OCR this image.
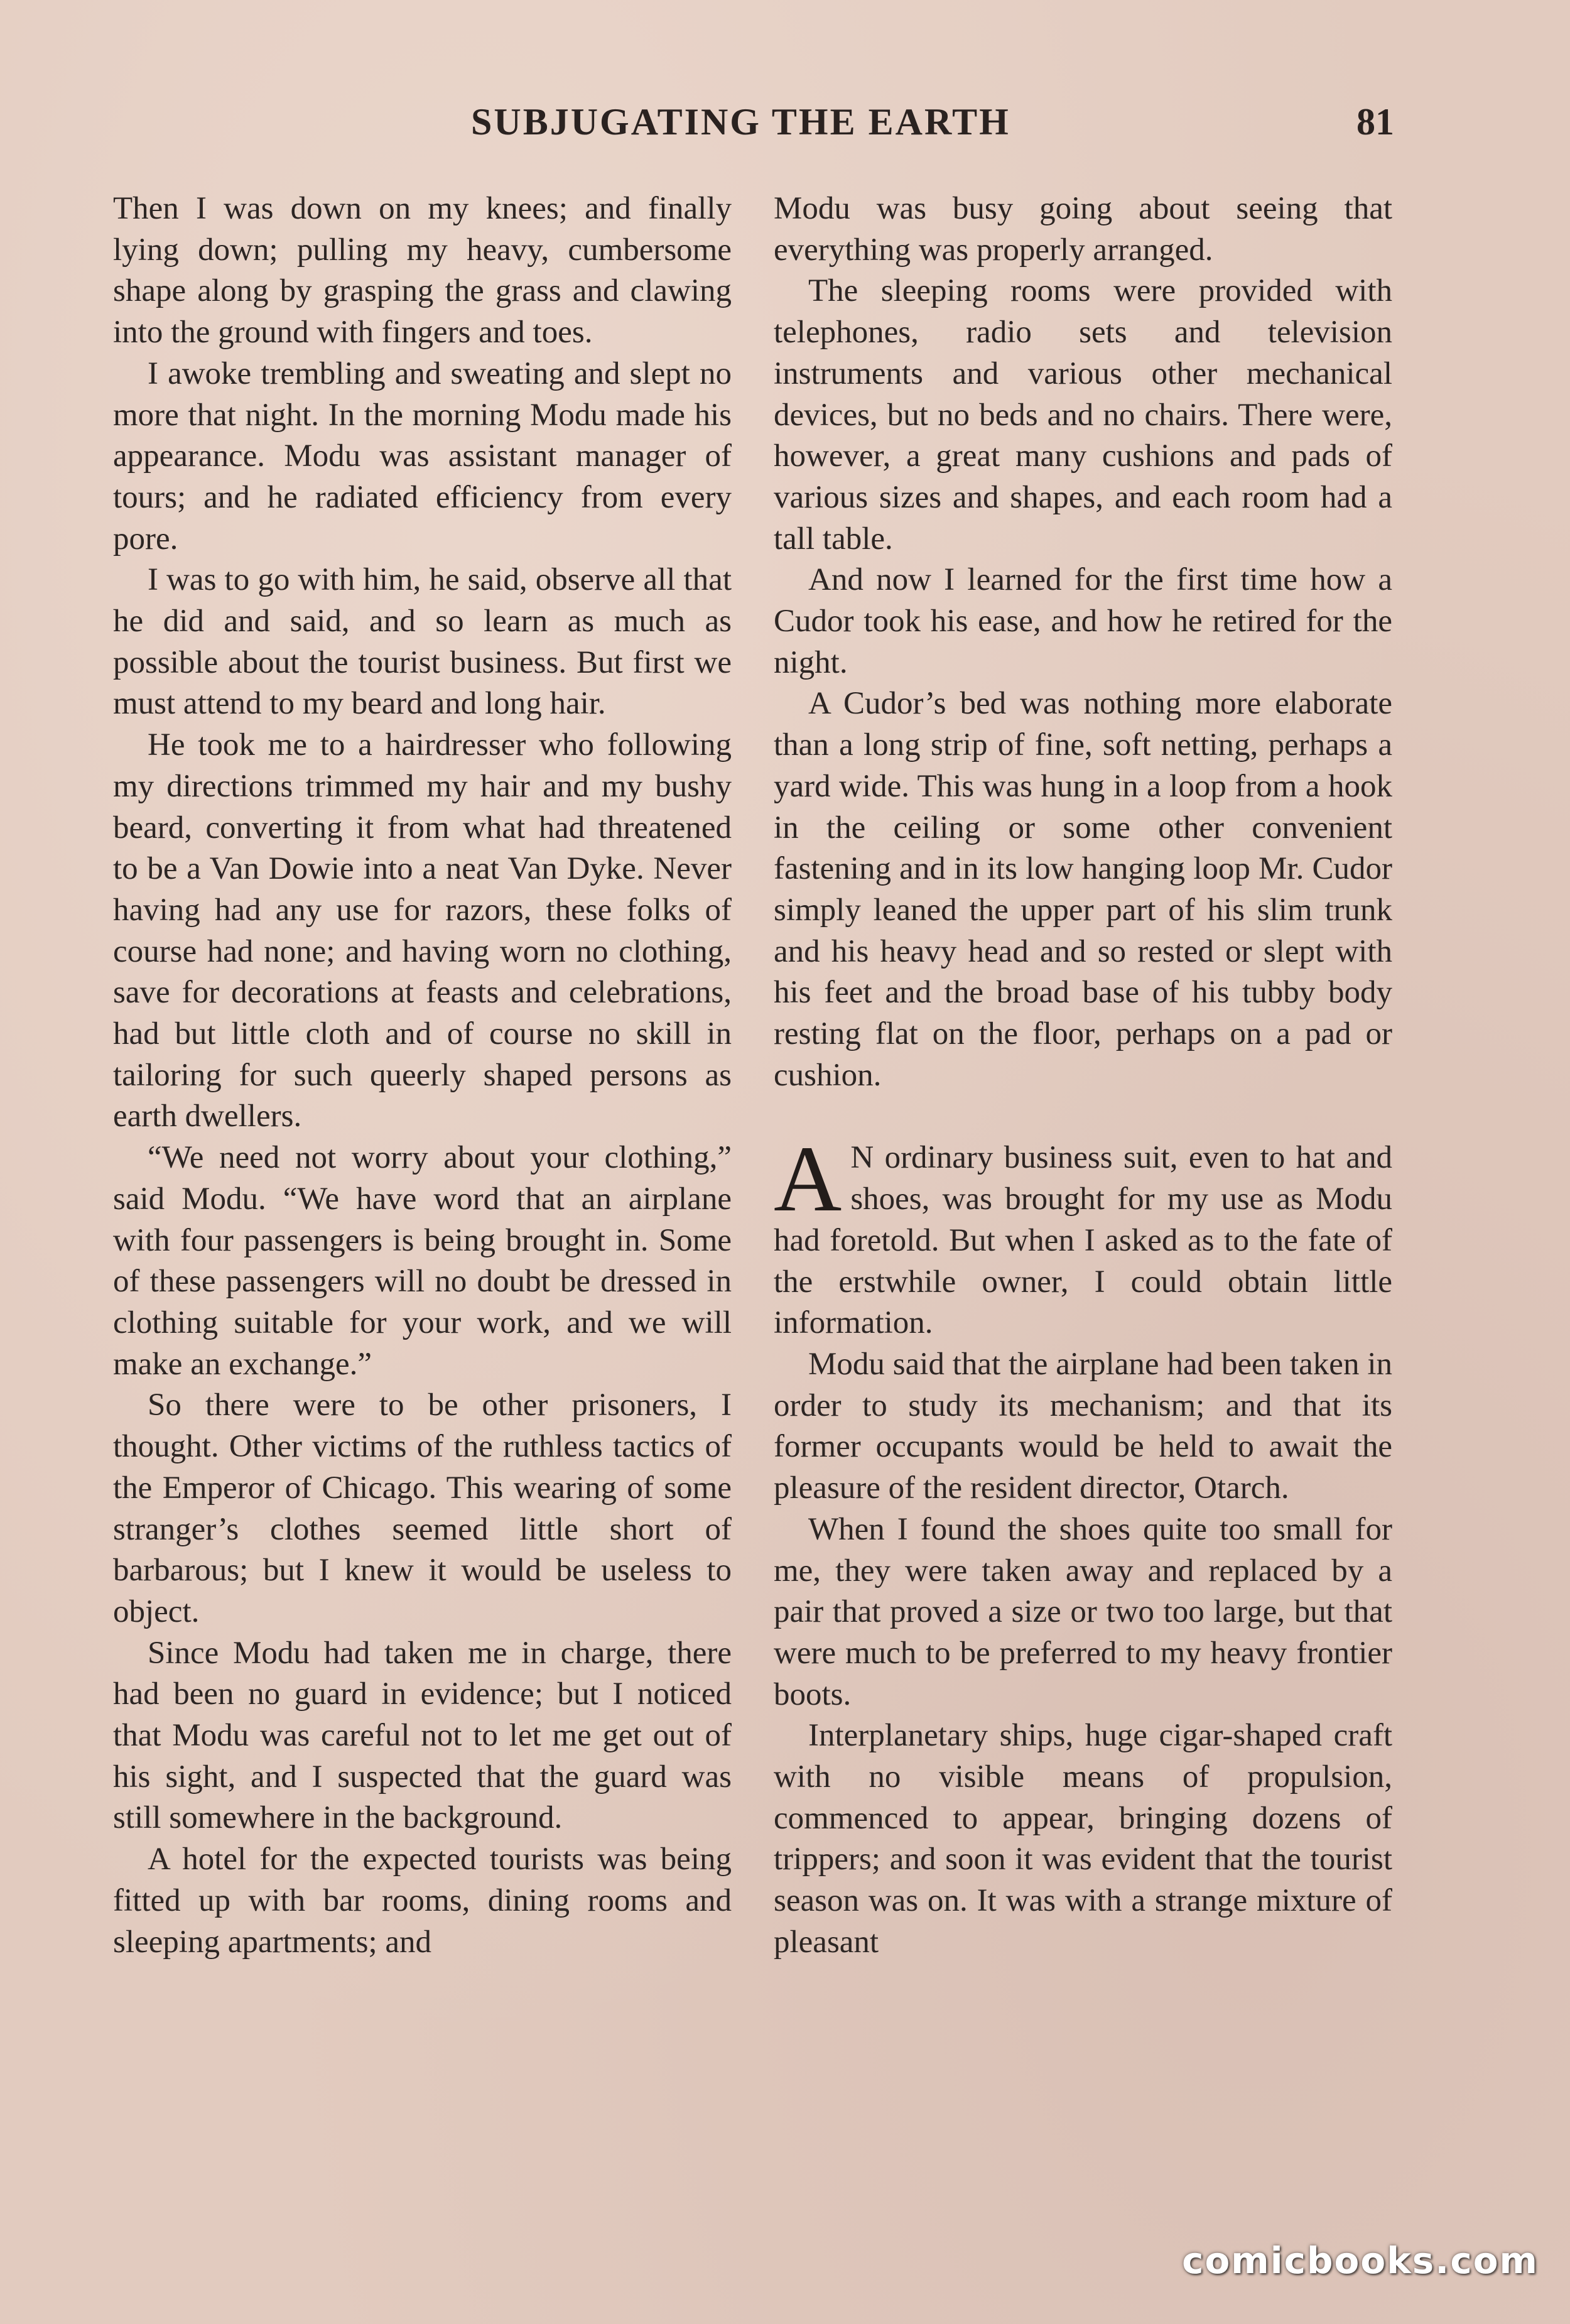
SUBJUGATING THE EARTH	81

Then I was down on my knees; and finally lying down; pulling my heavy, cumbersome shape along by grasping the grass and clawing into the ground with fingers and toes.

I awoke trembling and sweating and slept no more that night. In the morning Modu made his appearance. Modu was assistant manager of tours; and he radiated efficiency from every pore.

I was to go with him, he said, observe all that he did and said, and so learn as much as possible about the tourist business. But first we must attend to my beard and long hair.

He took me to a hairdresser who following my directions trimmed my hair and my bushy beard, converting it from what had threatened to be a Van Dowie into a neat Van Dyke. Never having had any use for razors, these folks of course had none; and having worn no clothing, save for decorations at feasts and celebrations, had but little cloth and of course no skill in tailoring for such queerly shaped persons as earth dwellers.

“We need not worry about your clothing,” said Modu. “We have word that an airplane with four passengers is being brought in. Some of these passengers will no doubt be dressed in clothing suitable for your work, and we will make an exchange.”

So there were to be other prisoners, I thought. Other victims of the ruthless tactics of the Emperor of Chicago. This wearing of some stranger’s clothes seemed little short of barbarous; but I knew it would be useless to object.

Since Modu had taken me in charge, there had been no guard in evidence; but I noticed that Modu was careful not to let me get out of his sight, and I suspected that the guard was still somewhere in the background.

A hotel for the expected tourists was being fitted up with bar rooms, dining rooms and sleeping apartments; and

Modu was busy going about seeing that everything was properly arranged.

The sleeping rooms were provided with telephones, radio sets and television instruments and various other mechanical devices, but no beds and no chairs. There were, however, a great many cushions and pads of various sizes and shapes, and each room had a tall table.

And now I learned for the first time how a Cudor took his ease, and how he retired for the night.

A Cudor’s bed was nothing more elaborate than a long strip of fine, soft netting, perhaps a yard wide. This was hung in a loop from a hook in the ceiling or some other convenient fastening and in its low hanging loop Mr. Cudor simply leaned the upper part of his slim trunk and his heavy head and so rested or slept with his feet and the broad base of his tubby body resting flat on the floor, perhaps on a pad or cushion.

A N ordinary business suit, even to hat and shoes, was brought for my use as Modu had foretold. But when I asked as to the fate of the erstwhile owner, I could obtain little information.

Modu said that the airplane had been taken in order to study its mechanism; and that its former occupants would be held to await the pleasure of the resident director, Otarch.

When I found the shoes quite too small for me, they were taken away and replaced by a pair that proved a size or two too large, but that were much to be preferred to my heavy frontier boots.

Interplanetary ships, huge cigar-shaped craft with no visible means of propulsion, commenced to appear, bringing dozens of trippers; and soon it was evident that the tourist season was on. It was with a strange mixture of pleasant

comicbooks.com
